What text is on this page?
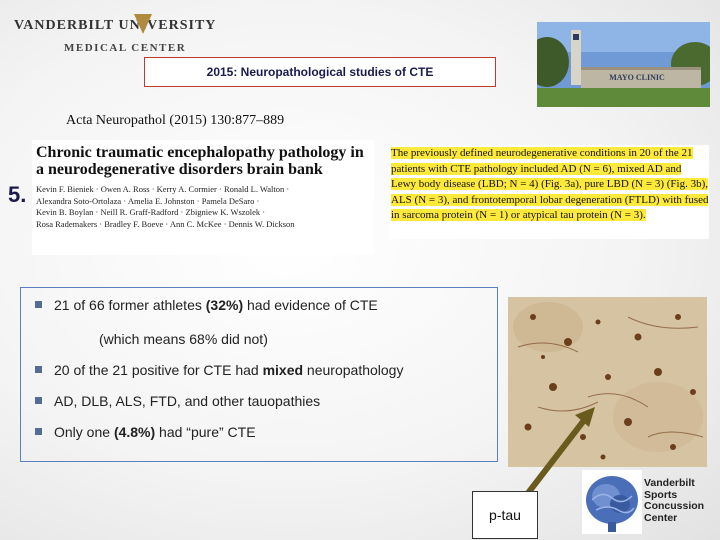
VANDERBILT UNIVERSITY
MEDICAL CENTER
2015: Neuropathological studies of CTE	MAYO CLINIC
Acta Neuropathol (2015) 130:877–889
Chronic traumatic encephalopathy pathology in a neurodegenerative disorders brain bank
Kevin F. Bieniek · Owen A. Ross · Kerry A. Cormier · Ronald L. Walton ·
Alexandra Soto-Ortolaza · Amelia E. Johnston · Pamela DeSaro ·
Kevin B. Boylan · Neill R. Graff-Radford · Zbigniew K. Wszolek ·
Rosa Rademakers · Bradley F. Boeve · Ann C. McKee · Dennis W. Dickson
5.
The previously defined neurodegenerative conditions in 20 of the 21 patients with CTE pathology included AD (N = 6), mixed AD and Lewy body disease (LBD; N = 4) (Fig. 3a), pure LBD (N = 3) (Fig. 3b), ALS (N = 3), and frontotemporal lobar degeneration (FTLD) with fused in sarcoma protein (N = 1) or atypical tau protein (N = 3).
21 of 66 former athletes (32%) had evidence of CTE
(which means 68% did not)
20 of the 21 positive for CTE had mixed neuropathology
AD, DLB, ALS, FTD, and other tauopathies
Only one (4.8%) had “pure” CTE
p-tau
Vanderbilt
Sports
Concussion
Center
